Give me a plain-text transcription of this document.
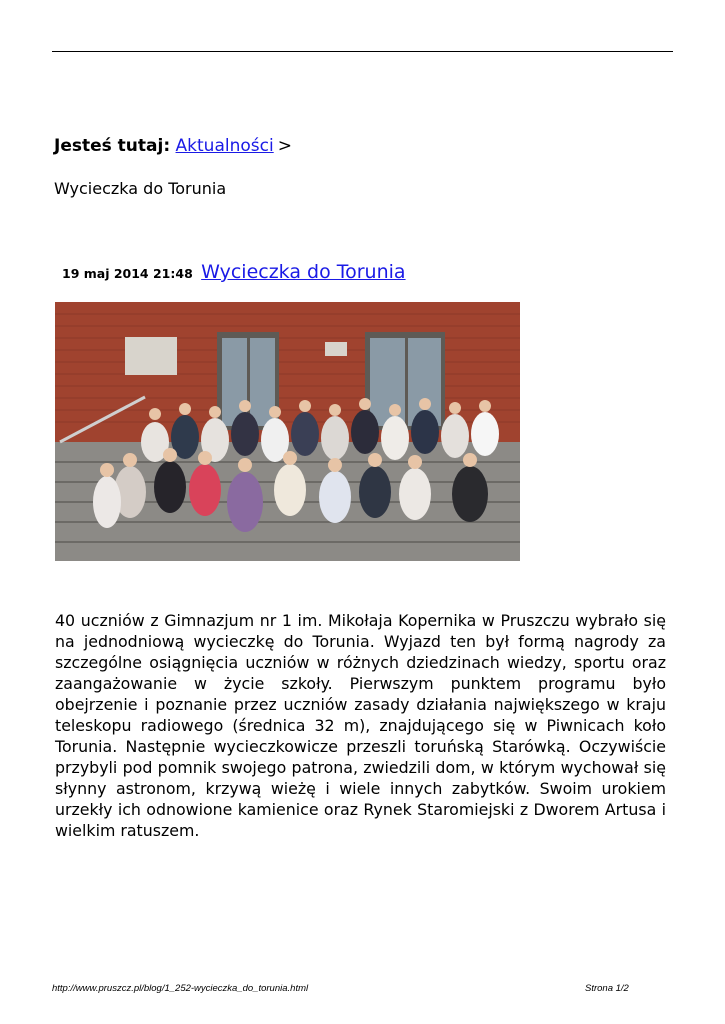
Jesteś tutaj: Aktualności >
Wycieczka do Torunia
19 maj 2014 21:48 Wycieczka do Torunia
40 uczniów z Gimnazjum nr 1 im. Mikołaja Kopernika w Pruszczu wybrało się na jednodniową wycieczkę do Torunia. Wyjazd ten był formą nagrody za szczególne osiągnięcia uczniów w różnych dziedzinach wiedzy, sportu oraz zaangażowanie w życie szkoły. Pierwszym punktem programu było obejrzenie i poznanie przez uczniów zasady działania największego w kraju teleskopu radiowego (średnica 32 m), znajdującego się w Piwnicach koło Torunia. Następnie wycieczkowicze przeszli toruńską Starówką. Oczywiście przybyli pod pomnik swojego patrona, zwiedzili dom, w którym wychował się słynny astronom, krzywą wieżę i wiele innych zabytków. Swoim urokiem urzekły ich odnowione kamienice oraz Rynek Staromiejski z Dworem Artusa i wielkim ratuszem.
http://www.pruszcz.pl/blog/1_252-wycieczka_do_torunia.html	Strona 1/2
